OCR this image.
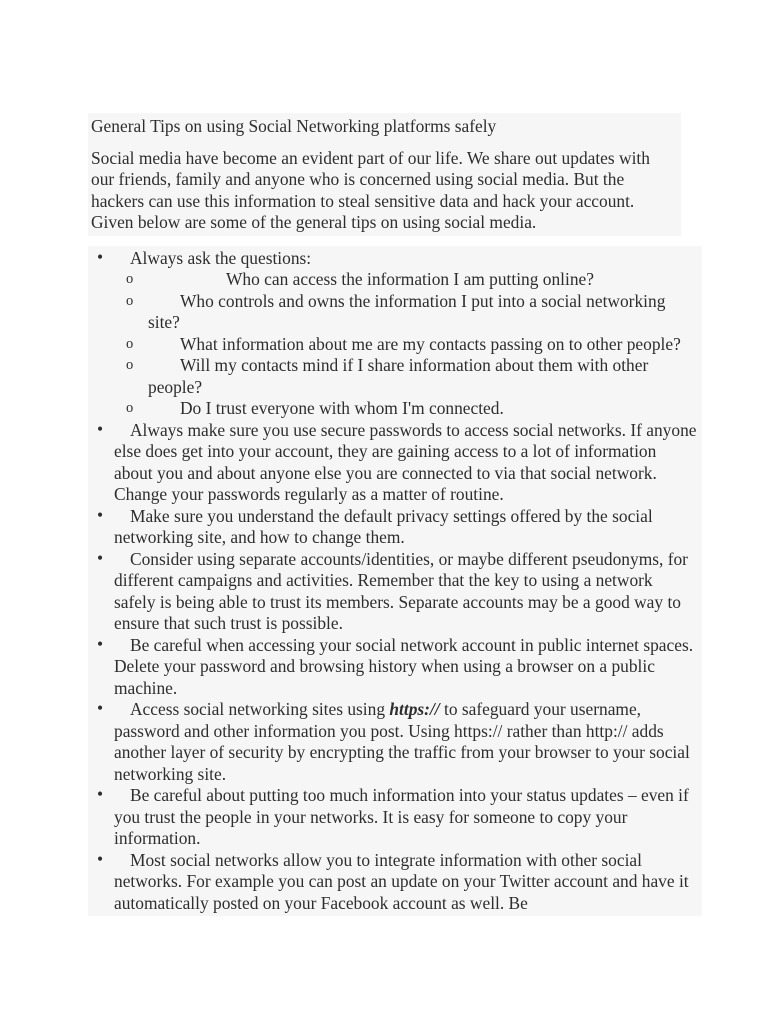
General Tips on using Social Networking platforms safely
Social media have become an evident part of our life. We share out updates with our friends, family and anyone who is concerned using social media. But the hackers can use this information to steal sensitive data and hack your account. Given below are some of the general tips on using social media.
• Always ask the questions:
o	Who can access the information I am putting online?
o	Who controls and owns the information I put into a social networking site?
o	What information about me are my contacts passing on to other people?
o	Will my contacts mind if I share information about them with other people?
o	Do I trust everyone with whom I'm connected.
• Always make sure you use secure passwords to access social networks. If anyone else does get into your account, they are gaining access to a lot of information about you and about anyone else you are connected to via that social network. Change your passwords regularly as a matter of routine.
• Make sure you understand the default privacy settings offered by the social networking site, and how to change them.
• Consider using separate accounts/identities, or maybe different pseudonyms, for different campaigns and activities. Remember that the key to using a network safely is being able to trust its members. Separate accounts may be a good way to ensure that such trust is possible.
• Be careful when accessing your social network account in public internet spaces. Delete your password and browsing history when using a browser on a public machine.
• Access social networking sites using https:// to safeguard your username, password and other information you post. Using https:// rather than http:// adds another layer of security by encrypting the traffic from your browser to your social networking site.
• Be careful about putting too much information into your status updates – even if you trust the people in your networks. It is easy for someone to copy your information.
• Most social networks allow you to integrate information with other social networks. For example you can post an update on your Twitter account and have it automatically posted on your Facebook account as well. Be
